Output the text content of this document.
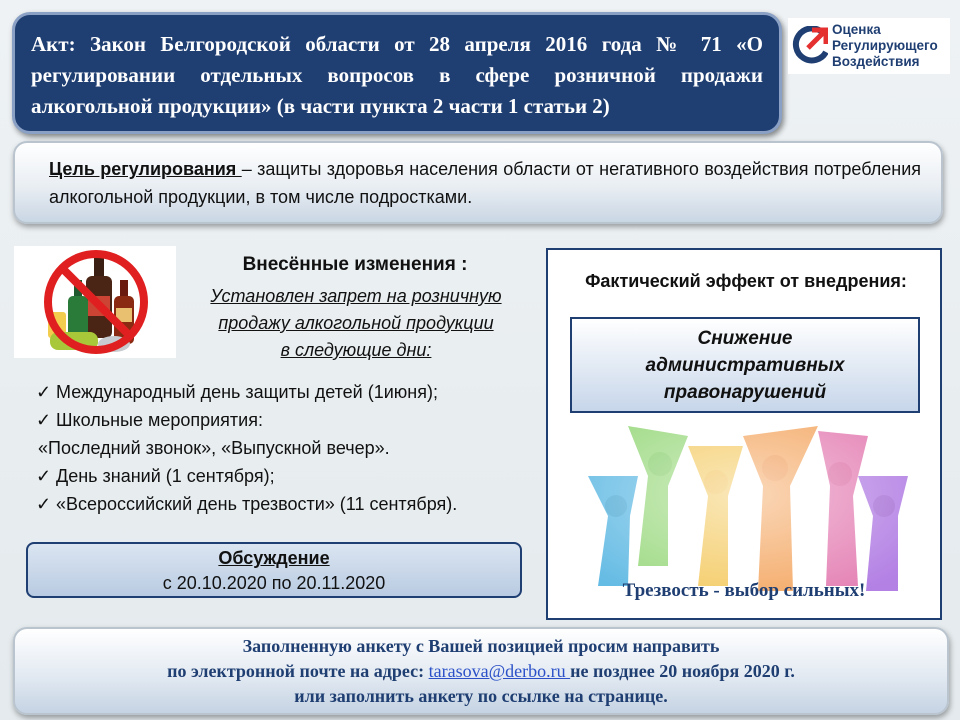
Акт: Закон Белгородской области от 28 апреля 2016 года № 71 «О регулировании отдельных вопросов в сфере розничной продажи алкогольной продукции» (в части пункта 2 части 1 статьи 2)

Оценка
Регулирующего
Воздействия

Цель регулирования – защиты здоровья населения области от негативного воздействия потребления алкогольной продукции, в том числе подростками.

Внесённые изменения :
Установлен запрет на розничную
продажу алкогольной продукции
в следующие дни:
✓ Международный день защиты детей (1июня);
✓ Школьные мероприятия:
«Последний звонок», «Выпускной вечер».
✓ День знаний (1 сентября);
✓ «Всероссийский день трезвости» (11 сентября).
Обсуждение
с 20.10.2020 по 20.11.2020
Фактический эффект от внедрения:
Снижение
административных
правонарушений
Трезвость - выбор сильных!
Заполненную анкету с Вашей позицией просим направить
по электронной почте на адрес: tarasova@derbo.ru не позднее 20 ноября 2020 г.
или заполнить анкету по ссылке на странице.
